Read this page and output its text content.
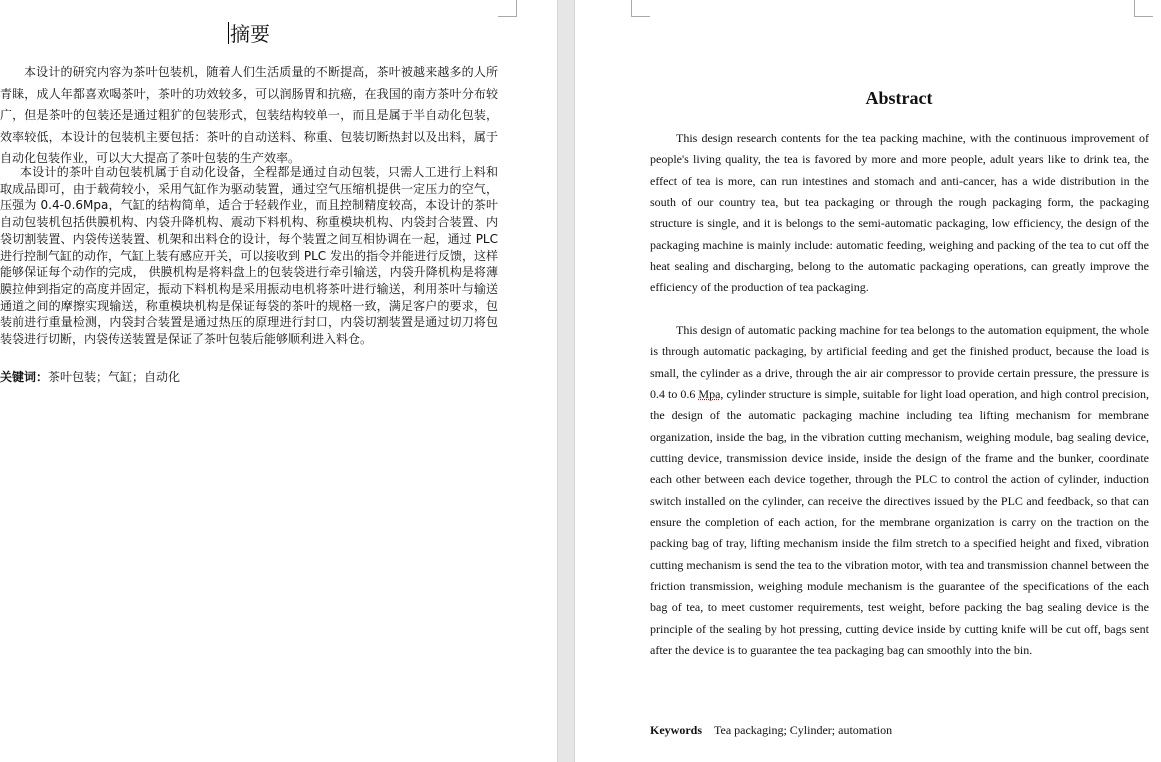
摘要

本设计的研究内容为茶叶包装机，随着人们生活质量的不断提高，茶叶被越来越多的人所青睐，成人年都喜欢喝茶叶，茶叶的功效较多，可以润肠胃和抗癌，在我国的南方茶叶分布较广，但是茶叶的包装还是通过粗犷的包装形式，包装结构较单一，而且是属于半自动化包装，效率较低，本设计的包装机主要包括：茶叶的自动送料、称重、包装切断热封以及出料，属于自动化包装作业，可以大大提高了茶叶包装的生产效率。

本设计的茶叶自动包装机属于自动化设备，全程都是通过自动包装，只需人工进行上料和取成品即可，由于载荷较小，采用气缸作为驱动装置，通过空气压缩机提供一定压力的空气，压强为 0.4-0.6Mpa，气缸的结构简单，适合于轻载作业，而且控制精度较高，本设计的茶叶自动包装机包括供膜机构、内袋升降机构、震动下料机构、称重模块机构、内袋封合装置、内袋切割装置、内袋传送装置、机架和出料仓的设计，每个装置之间互相协调在一起，通过 PLC 进行控制气缸的动作，气缸上装有感应开关，可以接收到 PLC 发出的指令并能进行反馈，这样能够保证每个动作的完成， 供膜机构是将料盘上的包装袋进行牵引输送，内袋升降机构是将薄膜拉伸到指定的高度并固定，振动下料机构是采用振动电机将茶叶进行输送，利用茶叶与输送通道之间的摩擦实现输送，称重模块机构是保证每袋的茶叶的规格一致，满足客户的要求，包装前进行重量检测，内袋封合装置是通过热压的原理进行封口，内袋切割装置是通过切刀将包装袋进行切断，内袋传送装置是保证了茶叶包装后能够顺利进入料仓。

关键词：茶叶包装；气缸；自动化

Abstract

This design research contents for the tea packing machine, with the continuous improvement of people's living quality, the tea is favored by more and more people, adult years like to drink tea, the effect of tea is more, can run intestines and stomach and anti-cancer, has a wide distribution in the south of our country tea, but tea packaging or through the rough packaging form, the packaging structure is single, and it is belongs to the semi-automatic packaging, low efficiency, the design of the packaging machine is mainly include: automatic feeding, weighing and packing of the tea to cut off the heat sealing and discharging, belong to the automatic packaging operations, can greatly improve the efficiency of the production of tea packaging.

This design of automatic packing machine for tea belongs to the automation equipment, the whole is through automatic packaging, by artificial feeding and get the finished product, because the load is small, the cylinder as a drive, through the air air compressor to provide certain pressure, the pressure is 0.4 to 0.6 Mpa, cylinder structure is simple, suitable for light load operation, and high control precision, the design of the automatic packaging machine including tea lifting mechanism for membrane organization, inside the bag, in the vibration cutting mechanism, weighing module, bag sealing device, cutting device, transmission device inside, inside the design of the frame and the bunker, coordinate each other between each device together, through the PLC to control the action of cylinder, induction switch installed on the cylinder, can receive the directives issued by the PLC and feedback, so that can ensure the completion of each action, for the membrane organization is carry on the traction on the packing bag of tray, lifting mechanism inside the film stretch to a specified height and fixed, vibration cutting mechanism is send the tea to the vibration motor, with tea and transmission channel between the friction transmission, weighing module mechanism is the guarantee of the specifications of the each bag of tea, to meet customer requirements, test weight, before packing the bag sealing device is the principle of the sealing by hot pressing, cutting device inside by cutting knife will be cut off, bags sent after the device is to guarantee the tea packaging bag can smoothly into the bin.

Keywords Tea packaging; Cylinder; automation
